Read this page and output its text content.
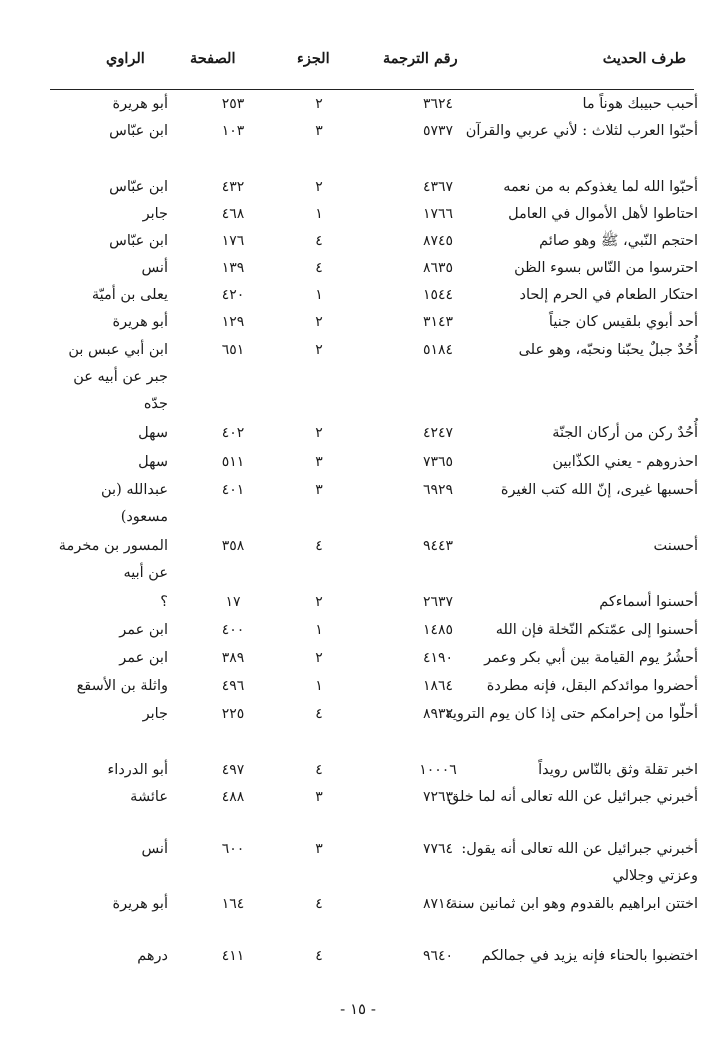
طرف الحديث
رقم الترجمة
الجزء
الصفحة
الراوي
أحبب حبيبك هوناً ما
٣٦٢٤
٢
٢٥٣
أبو هريرة
أحبّوا العرب لثلاث : لأني عربي والقرآن
٥٧٣٧
٣
١٠٣
ابن عبّاس
أحبّوا الله لما يغذوكم به من نعمه
٤٣٦٧
٢
٤٣٢
ابن عبّاس
احتاطوا لأهل الأموال في العامل
١٧٦٦
١
٤٦٨
جابر
احتجم النّبي، ﷺ وهو صائم
٨٧٤٥
٤
١٧٦
ابن عبّاس
احترسوا من النّاس بسوء الظن
٨٦٣٥
٤
١٣٩
أنس
احتكار الطعام في الحرم إلحاد
١٥٤٤
١
٤٢٠
يعلى بن أميّة
أحد أبوي بلقيس كان جنياً
٣١٤٣
٢
١٢٩
أبو هريرة
أُحُدٌ جبلٌ يحبّنا ونحبّه، وهو على
٥١٨٤
٢
٦٥١
ابن أبي عبس بن جبر عن أبيه عن جدّه
أُحُدٌ ركن من أركان الجنّة
٤٢٤٧
٢
٤٠٢
سهل
احذروهم - يعني الكذّابين
٧٣٦٥
٣
٥١١
سهل
أحسبها غيرى، إنّ الله كتب الغيرة
٦٩٢٩
٣
٤٠١
عبدالله (بن مسعود)
أحسنت
٩٤٤٣
٤
٣٥٨
المسور بن مخرمة عن أبيه
أحسنوا أسماءكم
٢٦٣٧
٢
١٧
؟
أحسنوا إلى عمّتكم النّخلة فإن الله
١٤٨٥
١
٤٠٠
ابن عمر
أحشُرُ يوم القيامة بين أبي بكر وعمر
٤١٩٠
٢
٣٨٩
ابن عمر
أحضروا موائدكم البقل، فإنه مطردة
١٨٦٤
١
٤٩٦
واثلة بن الأسقع
أحلّوا من إحرامكم حتى إذا كان يوم التروية
٨٩٣٢
٤
٢٢٥
جابر
اخبر تقلة وثق بالنّاس رويداً
١٠٠٠٦
٤
٤٩٧
أبو الدرداء
أخبرني جبرائيل عن الله تعالى أنه لما خلق
٧٢٦٣
٣
٤٨٨
عائشة
أخبرني جبرائيل عن الله تعالى أنه يقول: وعزتي وجلالي
٧٧٦٤
٣
٦٠٠
أنس
اختتن ابراهيم بالقدوم وهو ابن ثمانين سنة
٨٧١٤
٤
١٦٤
أبو هريرة
اختضبوا بالحناء فإنه يزيد في جمالكم
٩٦٤٠
٤
٤١١
درهم
- ١٥ -
